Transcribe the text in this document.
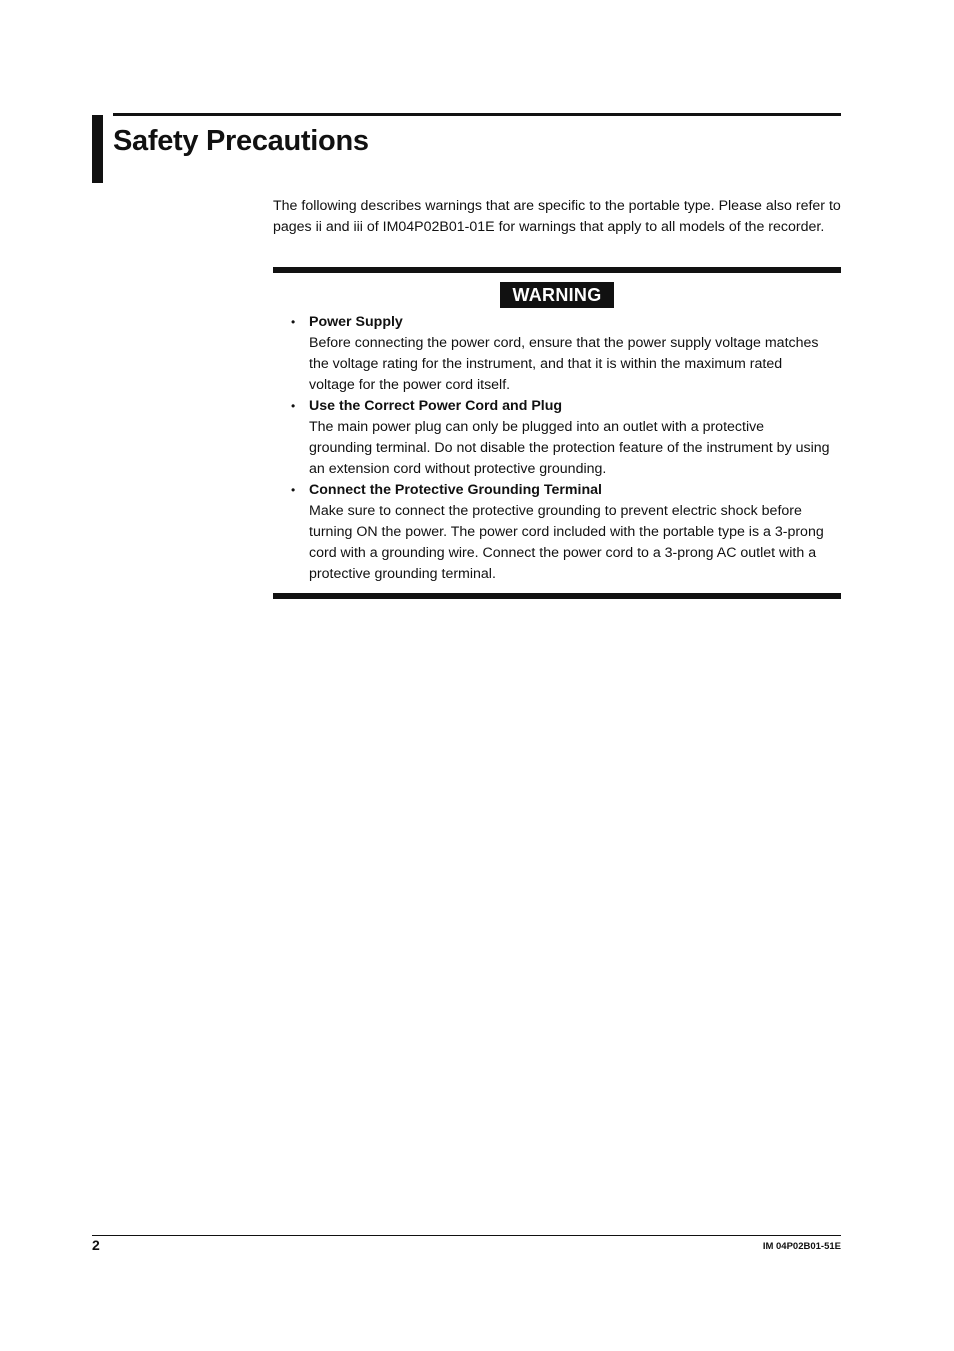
Safety Precautions

The following describes warnings that are specific to the portable type. Please also refer to pages ii and iii of IM04P02B01-01E for warnings that apply to all models of the recorder.

WARNING
• Power Supply
Before connecting the power cord, ensure that the power supply voltage matches the voltage rating for the instrument, and that it is within the maximum rated voltage for the power cord itself.
• Use the Correct Power Cord and Plug
The main power plug can only be plugged into an outlet with a protective grounding terminal. Do not disable the protection feature of the instrument by using an extension cord without protective grounding.
• Connect the Protective Grounding Terminal
Make sure to connect the protective grounding to prevent electric shock before turning ON the power. The power cord included with the portable type is a 3-prong cord with a grounding wire. Connect the power cord to a 3-prong AC outlet with a protective grounding terminal.
2	IM 04P02B01-51E
